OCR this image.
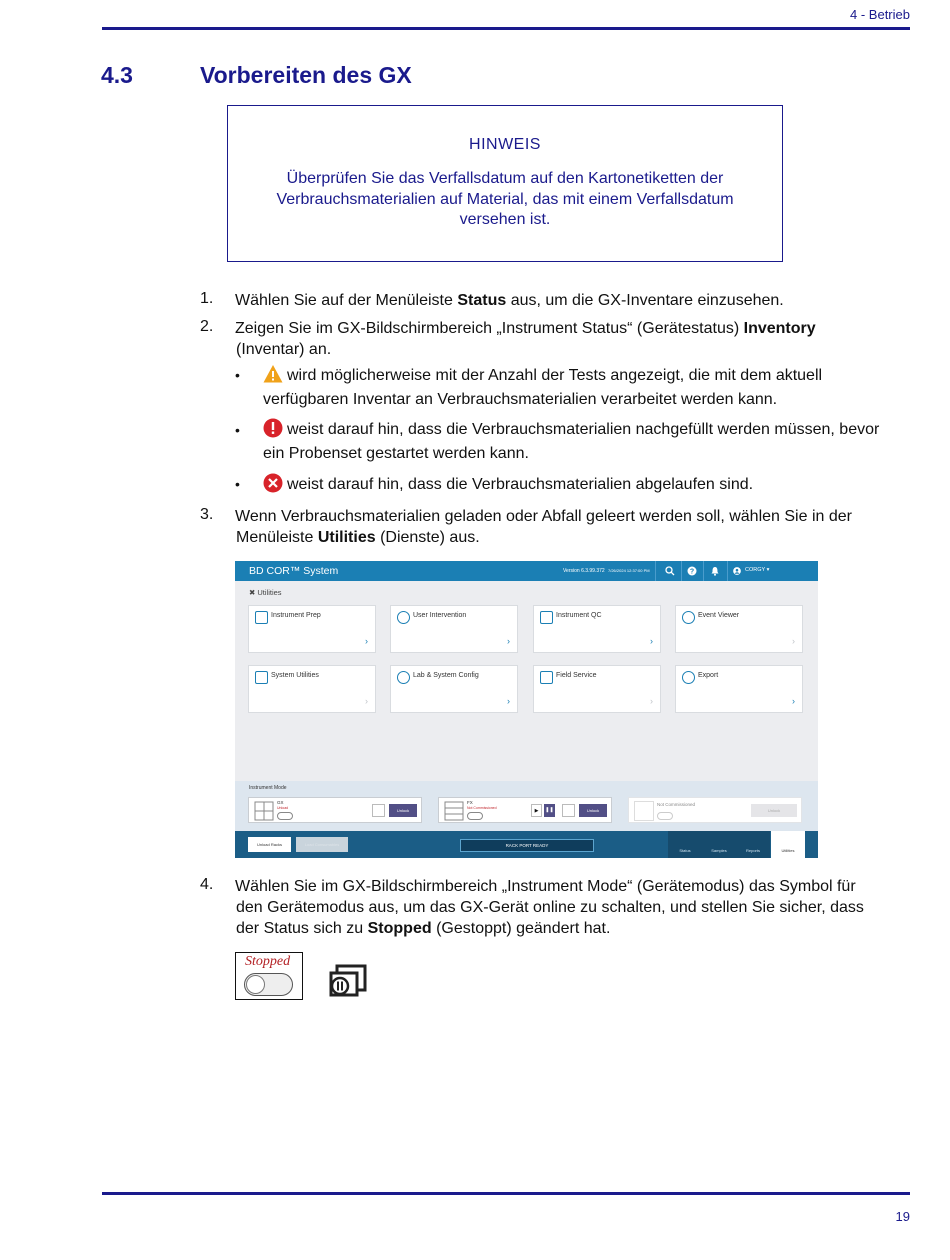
4 - Betrieb
4.3	Vorbereiten des GX
HINWEIS
Überprüfen Sie das Verfallsdatum auf den Kartonetiketten der Verbrauchsmaterialien auf Material, das mit einem Verfallsdatum versehen ist.
1. Wählen Sie auf der Menüleiste Status aus, um die GX-Inventare einzusehen.
2. Zeigen Sie im GX-Bildschirmbereich „Instrument Status“ (Gerätestatus) Inventory
(Inventar) an.
•	wird möglicherweise mit der Anzahl der Tests angezeigt, die mit dem aktuell
verfügbaren Inventar an Verbrauchsmaterialien verarbeitet werden kann.
•	weist darauf hin, dass die Verbrauchsmaterialien nachgefüllt werden müssen, bevor
ein Probenset gestartet werden kann.
•	weist darauf hin, dass die Verbrauchsmaterialien abgelaufen sind.
3. Wenn Verbrauchsmaterialien geladen oder Abfall geleert werden soll, wählen Sie in der
Menüleiste Utilities (Dienste) aus.
BD COR™ System	Version 6.3.99.372 7/26/2024 12:37:00 PM	?	CORGY ▾
✖ Utilities
Instrument Prep
›
User Intervention
›
Instrument QC
›
Event Viewer
›
System Utilities
›
Lab & System Config
›
Field Service
›
Export
›
Instrument Mode
GX
Unload	Unlock
FX
Not Commissioned	▶	❚❚	Unlock
Not Commissioned
Unlock
Unload Racks	Load Consumables	RACK PORT READY
Status	Samples	Reports	Utilities
4. Wählen Sie im GX-Bildschirmbereich „Instrument Mode“ (Gerätemodus) das Symbol für
den Gerätemodus aus, um das GX-Gerät online zu schalten, und stellen Sie sicher, dass
der Status sich zu Stopped (Gestoppt) geändert hat.
Stopped
19
